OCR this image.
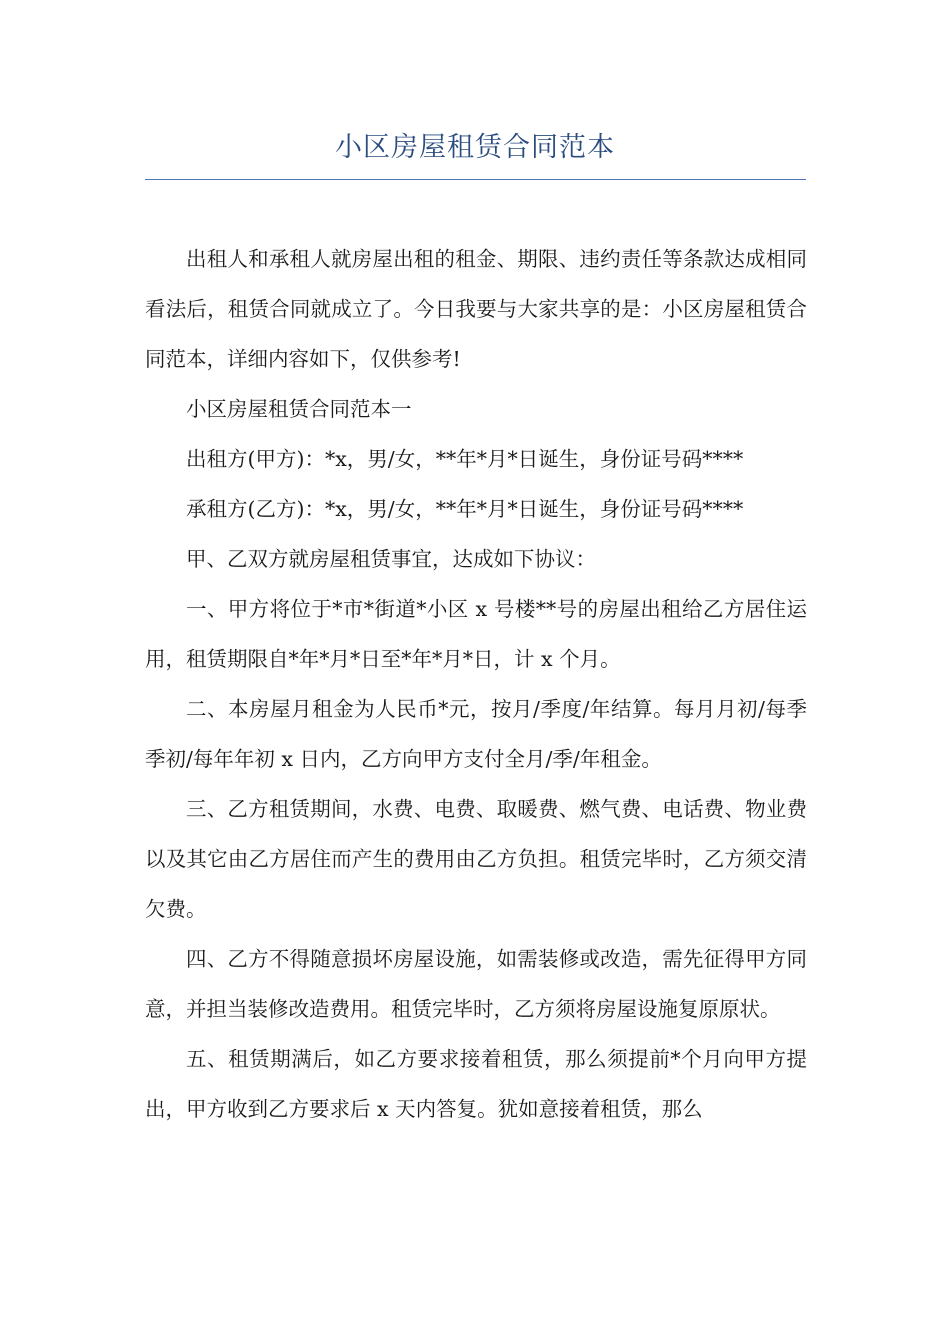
小区房屋租赁合同范本

出租人和承租人就房屋出租的租金、期限、违约责任等条款达成相同看法后，租赁合同就成立了。今日我要与大家共享的是：小区房屋租赁合同范本，详细内容如下，仅供参考!

小区房屋租赁合同范本一

出租方(甲方)：*x，男/女，**年*月*日诞生，身份证号码****

承租方(乙方)：*x，男/女，**年*月*日诞生，身份证号码****

甲、乙双方就房屋租赁事宜，达成如下协议：

一、甲方将位于*市*街道*小区 x 号楼**号的房屋出租给乙方居住运用，租赁期限自*年*月*日至*年*月*日，计 x 个月。

二、本房屋月租金为人民币*元，按月/季度/年结算。每月月初/每季季初/每年年初 x 日内，乙方向甲方支付全月/季/年租金。

三、乙方租赁期间，水费、电费、取暖费、燃气费、电话费、物业费以及其它由乙方居住而产生的费用由乙方负担。租赁完毕时，乙方须交清欠费。

四、乙方不得随意损坏房屋设施，如需装修或改造，需先征得甲方同意，并担当装修改造费用。租赁完毕时，乙方须将房屋设施复原原状。

五、租赁期满后，如乙方要求接着租赁，那么须提前*个月向甲方提出，甲方收到乙方要求后 x 天内答复。犹如意接着租赁，那么
